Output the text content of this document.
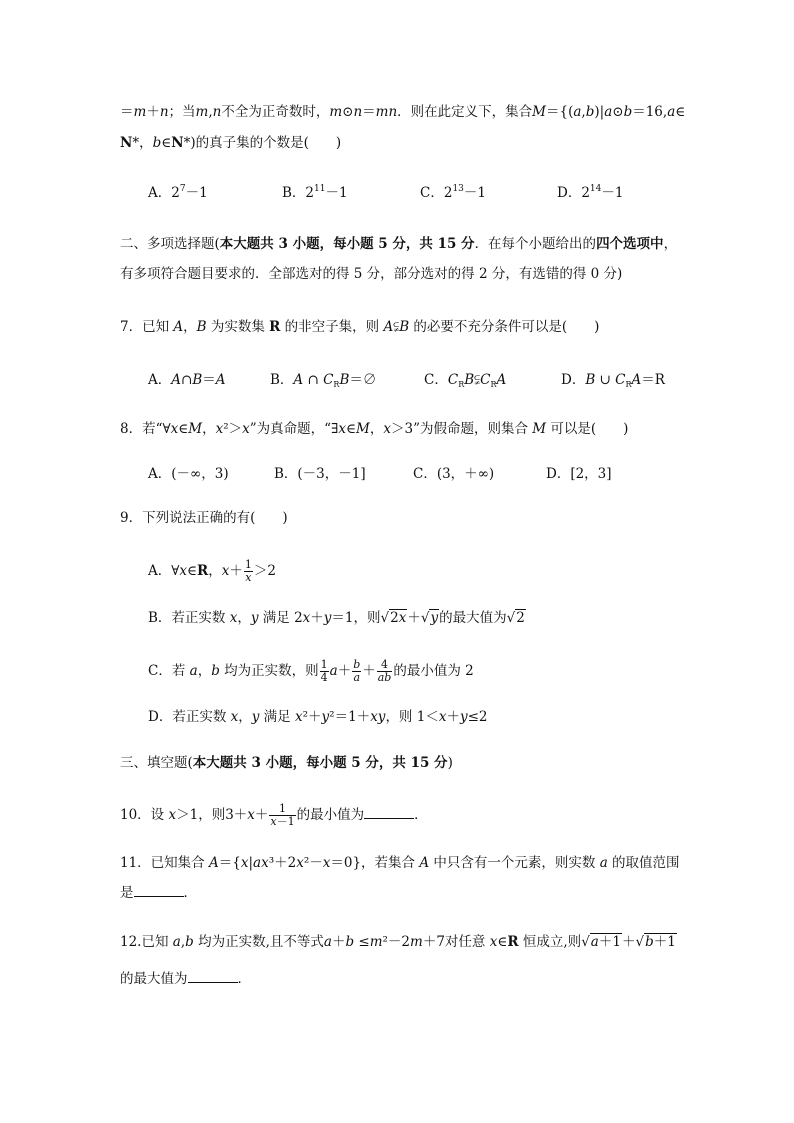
＝m＋n；当m,n不全为正奇数时，m⊙n＝mn．则在此定义下，集合M＝{(a,b)|a⊙b＝16,a∈
N*，b∈N*)的真子集的个数是(　　)
A．$2^7-1$	B．$2^{11}-1$	C．$2^{13}-1$	D．$2^{14}-1$
二、多项选择题(本大题共 3 小题，每小题 5 分，共 15 分．在每个小题给出的四个选项中，
有多项符合题目要求的．全部选对的得 5 分，部分选对的得 2 分，有选错的得 0 分)
7．已知 A，B 为实数集 R 的非空子集，则 A⫋B 的必要不充分条件可以是(　　)
A．A∩B＝A	B．A ∩ $C_RB=\emptyset$	C．$C_RB⫋C_RA$	D．B ∪ $C_RA=R$
8．若“∀x∈M，x²＞x”为真命题，“∃x∈M，x＞3”为假命题，则集合 M 可以是(　　)
A．(－∞，3)	B．(－3，－1]	C．(3，＋∞)	D．[2，3]
9．下列说法正确的有(　　)
A．∀x∈R，$x+ \frac{1}{x} >2$
B．若正实数 x，y 满足 2x＋y＝1，则√2x＋√y的最大值为√2
C．若 a，b 均为正实数，则 $\frac{1}{4} a+ \frac{b}{a} + \frac{4}{ab}$ 的最小值为 2
D．若正实数 x，y 满足 x²＋y²＝1＋xy，则 1＜x＋y≤2
三、填空题(本大题共 3 小题，每小题 5 分，共 15 分)
10．设 x＞1，则$3+x+ \frac{1}{x-1}$ 的最小值为	．
11．已知集合 A＝{x|ax³＋2x²－x＝0}，若集合 A 中只含有一个元素，则实数 a 的取值范围
是	．
12.已知 a,b 均为正实数,且不等式a＋b ≤m²－2m＋7对任意 x∈R 恒成立,则√a＋1＋√b＋1
的最大值为	．
